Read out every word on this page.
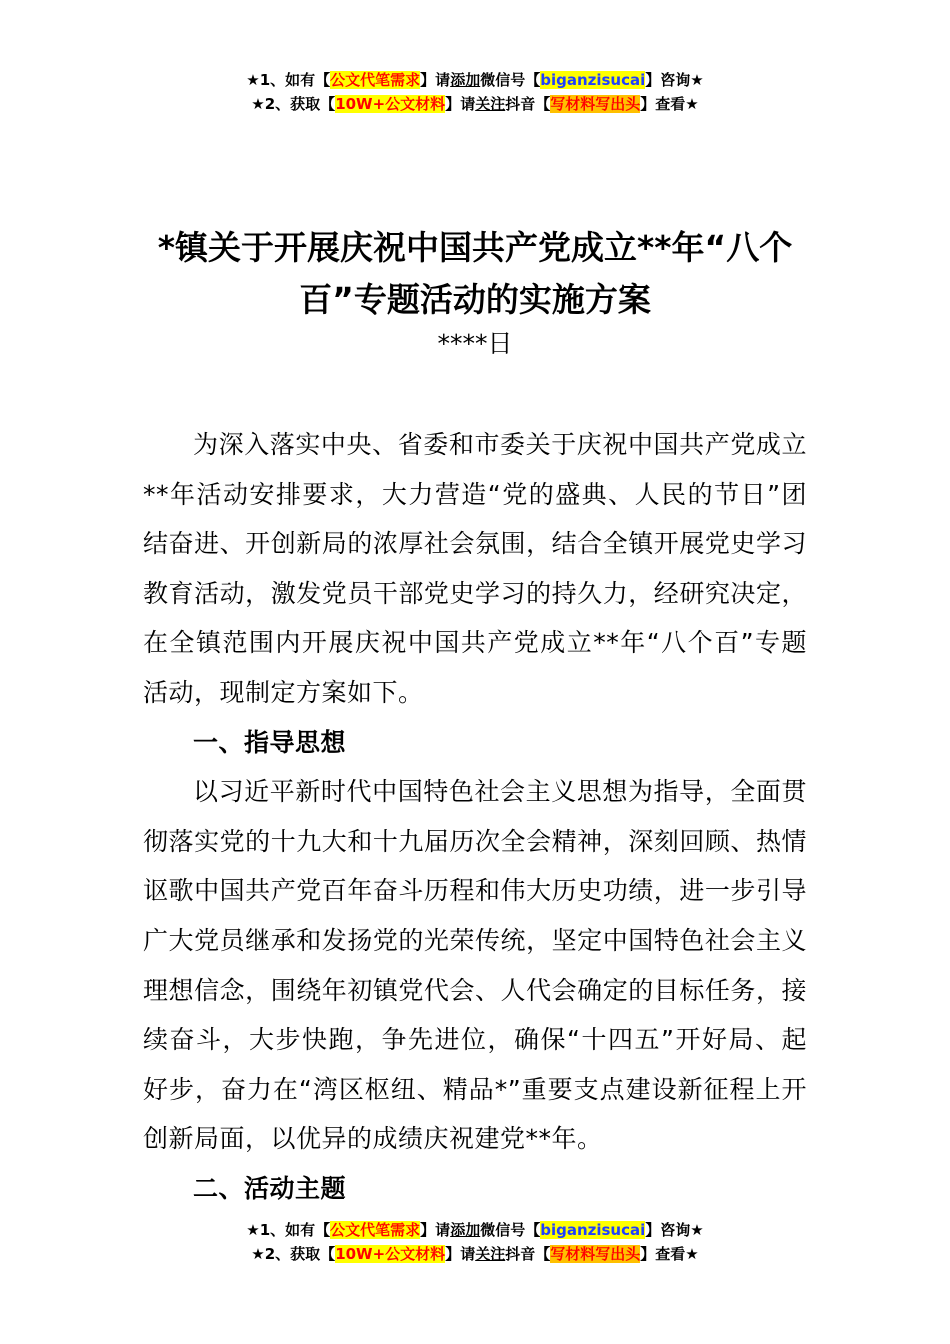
★1、如有【公文代笔需求】请添加微信号【biganzisucai】咨询★
★2、获取【10W+公文材料】请关注抖音【写材料写出头】查看★
*镇关于开展庆祝中国共产党成立**年“八个百”专题活动的实施方案
****日

为深入落实中央、省委和市委关于庆祝中国共产党成立**年活动安排要求，大力营造“党的盛典、人民的节日”团结奋进、开创新局的浓厚社会氛围，结合全镇开展党史学习教育活动，激发党员干部党史学习的持久力，经研究决定，在全镇范围内开展庆祝中国共产党成立**年“八个百”专题活动，现制定方案如下。

一、指导思想

以习近平新时代中国特色社会主义思想为指导，全面贯彻落实党的十九大和十九届历次全会精神，深刻回顾、热情讴歌中国共产党百年奋斗历程和伟大历史功绩，进一步引导广大党员继承和发扬党的光荣传统，坚定中国特色社会主义理想信念，围绕年初镇党代会、人代会确定的目标任务，接续奋斗，大步快跑，争先进位，确保“十四五”开好局、起好步，奋力在“湾区枢纽、精品*”重要支点建设新征程上开创新局面，以优异的成绩庆祝建党**年。

二、活动主题
★1、如有【公文代笔需求】请添加微信号【biganzisucai】咨询★
★2、获取【10W+公文材料】请关注抖音【写材料写出头】查看★
